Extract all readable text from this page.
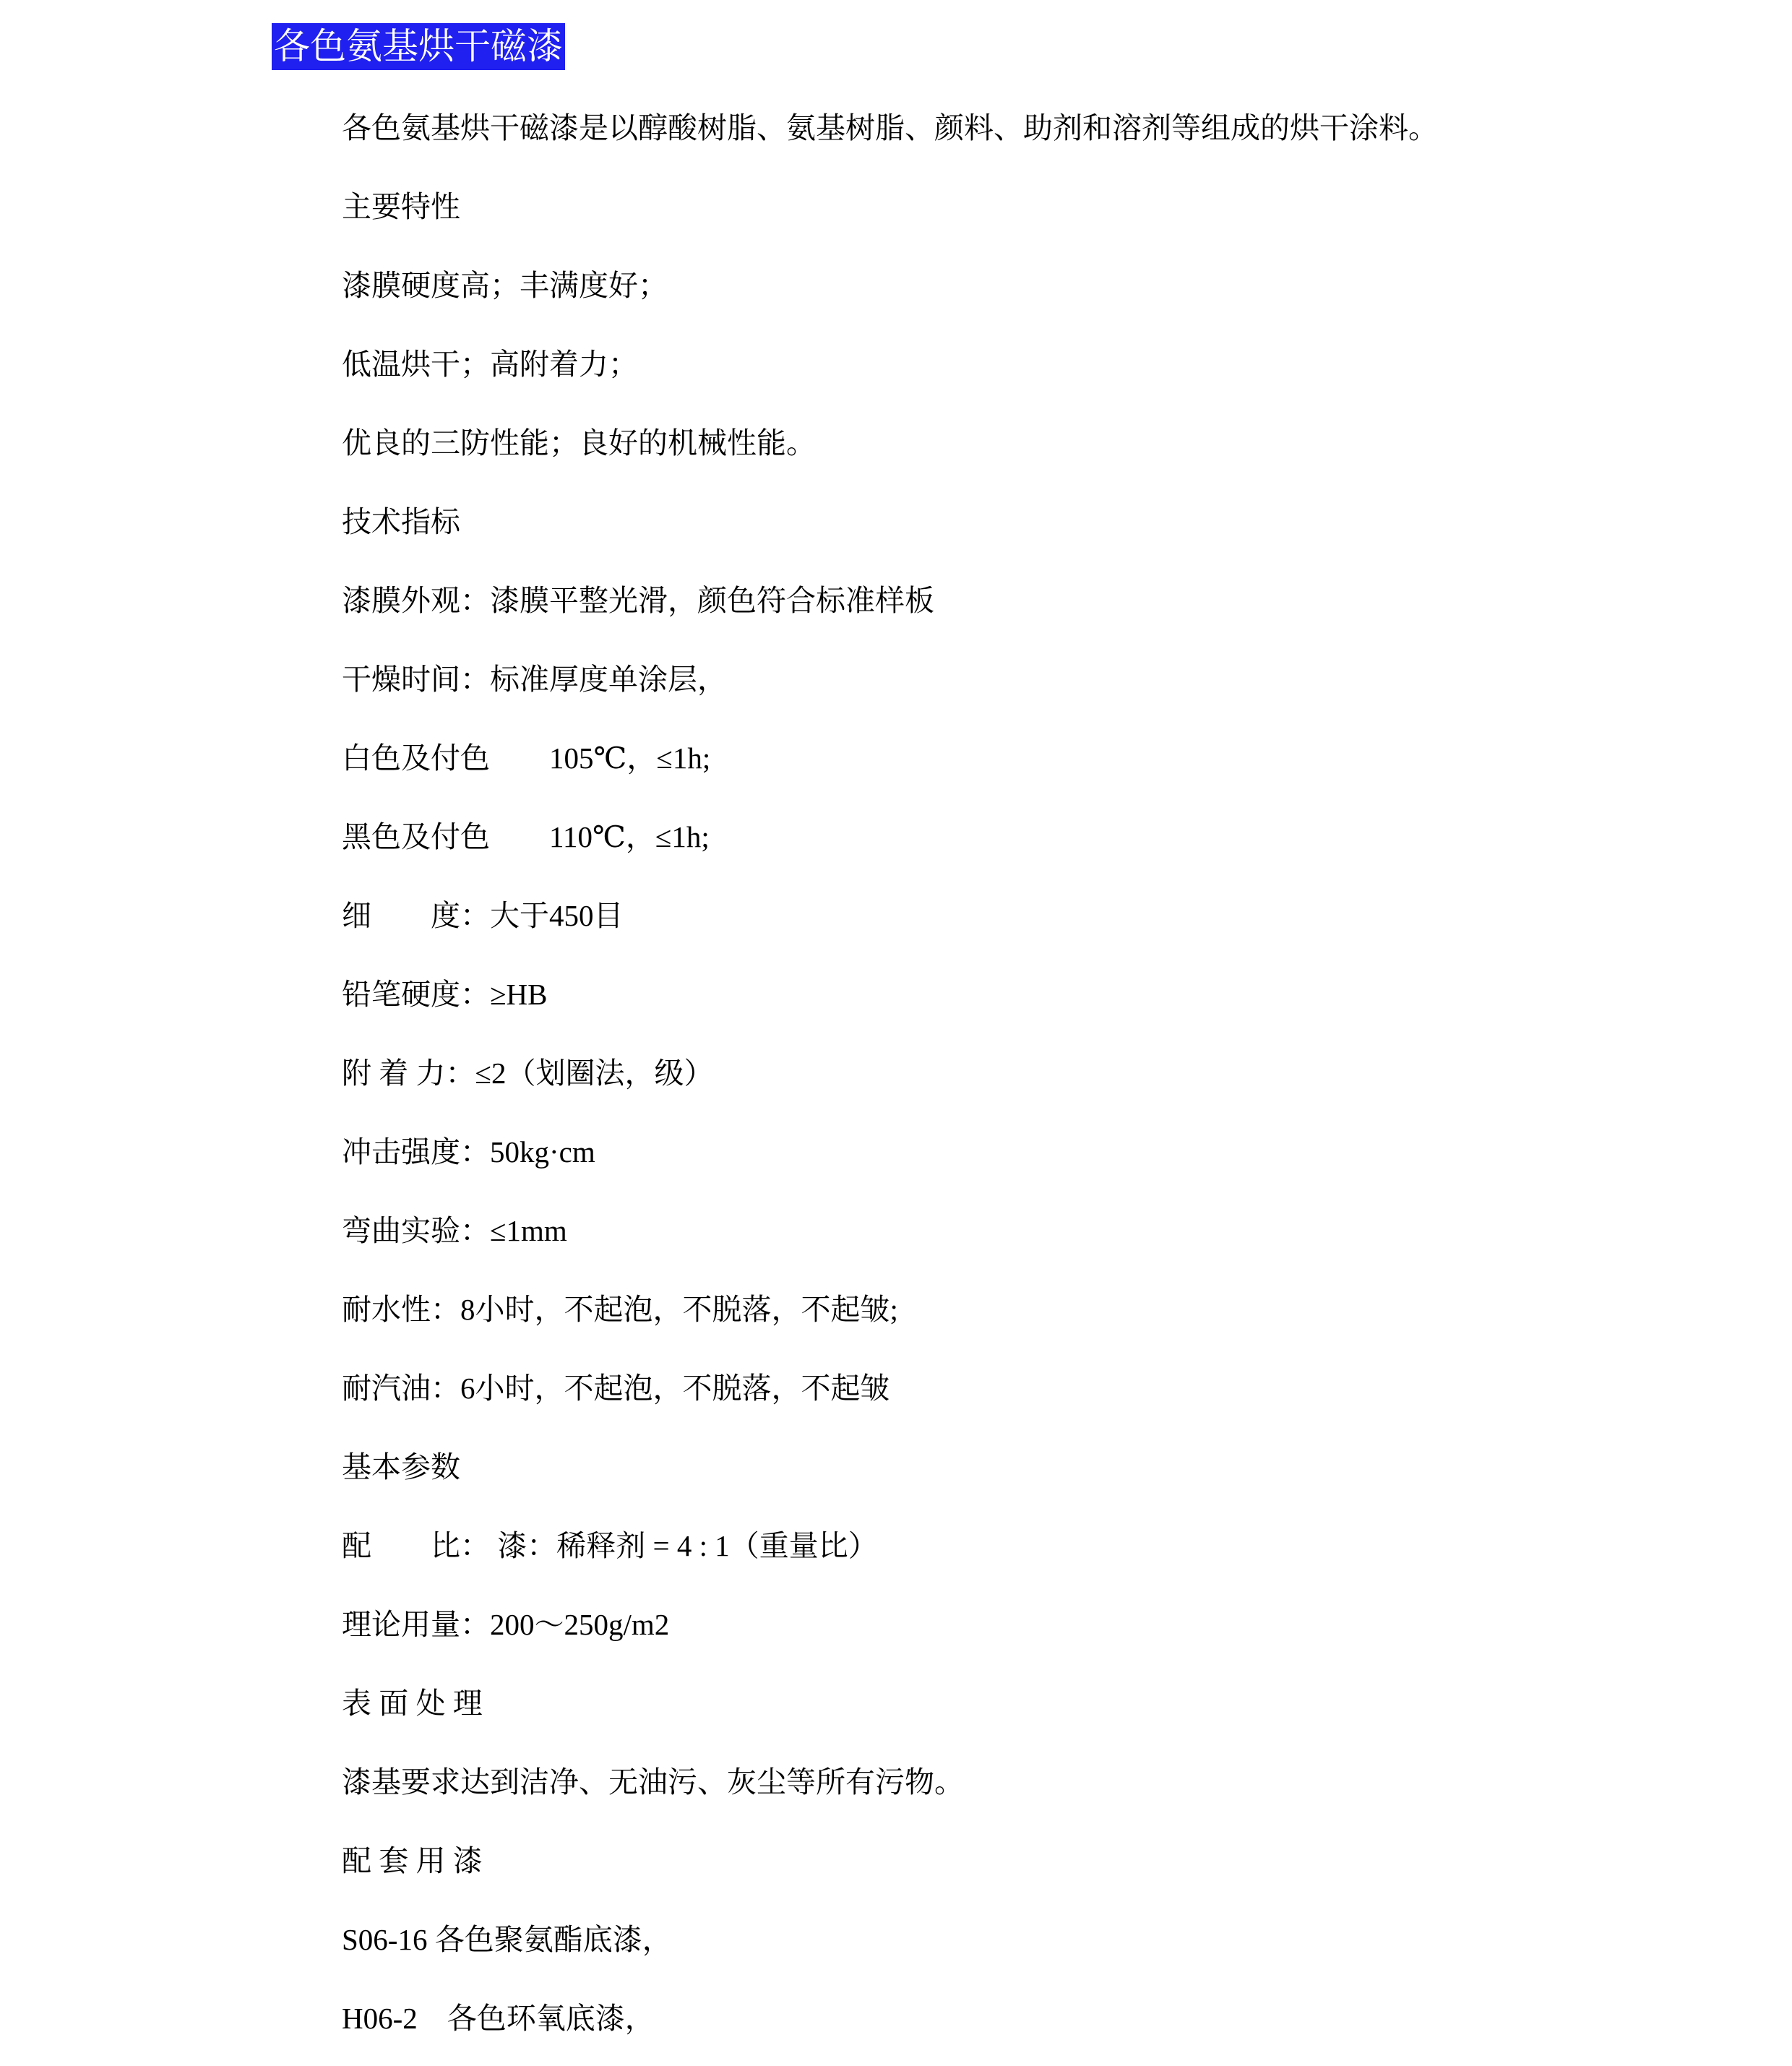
各色氨基烘干磁漆
各色氨基烘干磁漆是以醇酸树脂、氨基树脂、颜料、助剂和溶剂等组成的烘干涂料。
主要特性
漆膜硬度高；丰满度好；
低温烘干；高附着力；
优良的三防性能；良好的机械性能。
技术指标
漆膜外观：漆膜平整光滑，颜色符合标准样板
干燥时间：标准厚度单涂层，
白色及付色　　105℃，≤1h;
黑色及付色　　110℃，≤1h;
细　　度：大于450目
铅笔硬度：≥HB
附 着 力：≤2（划圈法，级）
冲击强度：50kg·cm
弯曲实验：≤1mm
耐水性：8小时，不起泡，不脱落，不起皱;
耐汽油：6小时，不起泡，不脱落，不起皱
基本参数
配　　比： 漆：稀释剂 = 4 : 1（重量比）
理论用量：200～250g/m2
表 面 处 理
漆基要求达到洁净、无油污、灰尘等所有污物。
配 套 用 漆
S06-16 各色聚氨酯底漆，
H06-2　各色环氧底漆，
